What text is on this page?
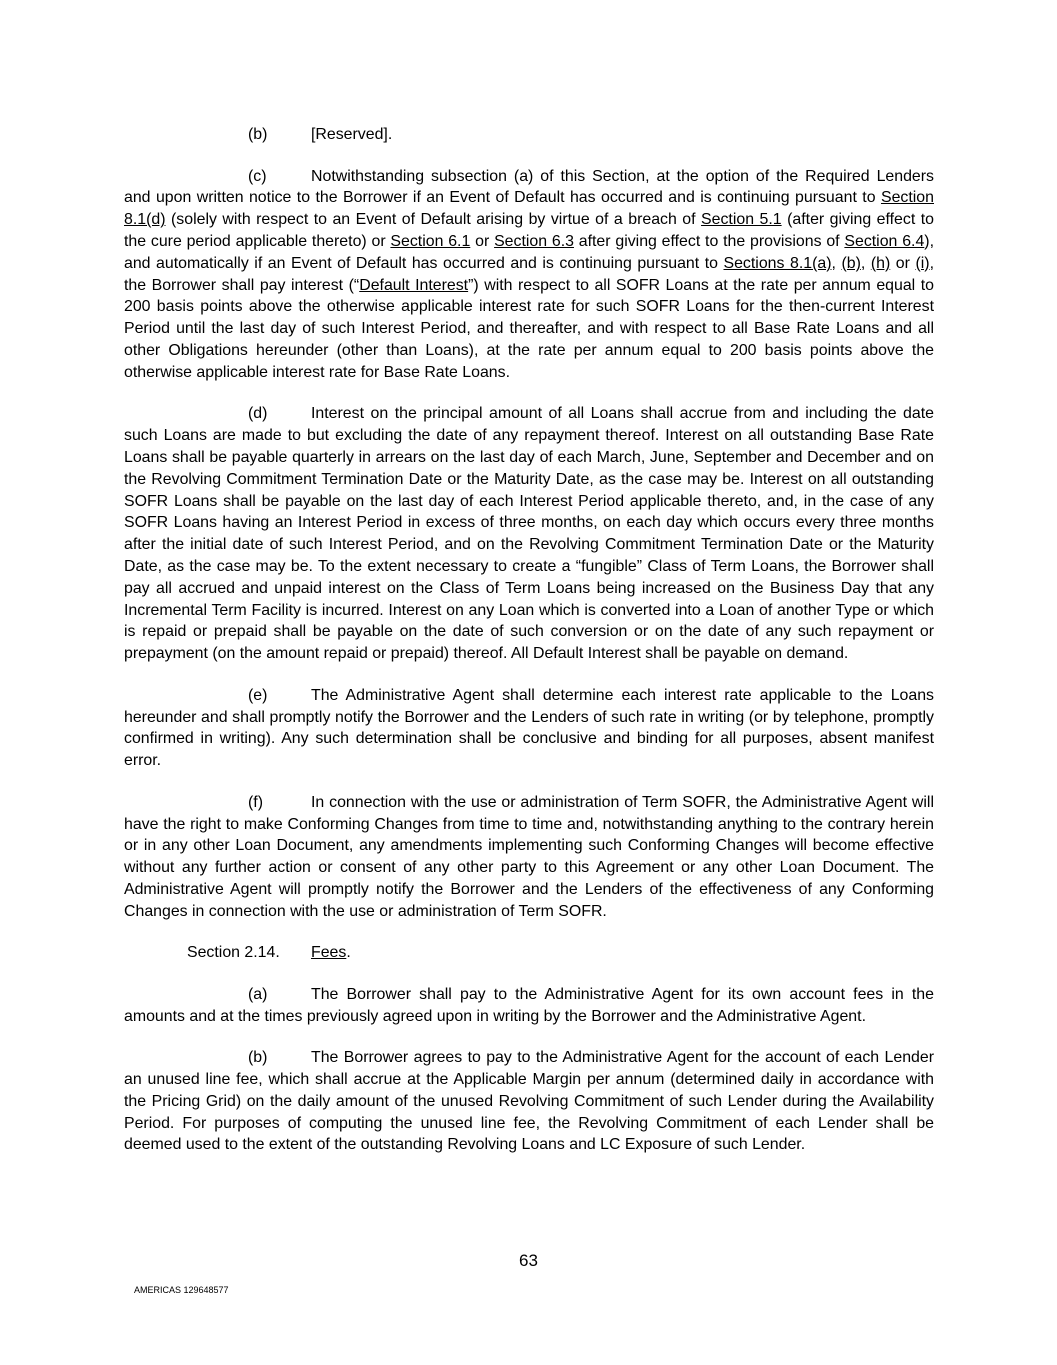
(b)	[Reserved].

(c)	Notwithstanding subsection (a) of this Section, at the option of the Required Lenders and upon written notice to the Borrower if an Event of Default has occurred and is continuing pursuant to Section 8.1(d) (solely with respect to an Event of Default arising by virtue of a breach of Section 5.1 (after giving effect to the cure period applicable thereto) or Section 6.1 or Section 6.3 after giving effect to the provisions of Section 6.4), and automatically if an Event of Default has occurred and is continuing pursuant to Sections 8.1(a), (b), (h) or (i), the Borrower shall pay interest (“Default Interest”) with respect to all SOFR Loans at the rate per annum equal to 200 basis points above the otherwise applicable interest rate for such SOFR Loans for the then-current Interest Period until the last day of such Interest Period, and thereafter, and with respect to all Base Rate Loans and all other Obligations hereunder (other than Loans), at the rate per annum equal to 200 basis points above the otherwise applicable interest rate for Base Rate Loans.

(d)	Interest on the principal amount of all Loans shall accrue from and including the date such Loans are made to but excluding the date of any repayment thereof. Interest on all outstanding Base Rate Loans shall be payable quarterly in arrears on the last day of each March, June, September and December and on the Revolving Commitment Termination Date or the Maturity Date, as the case may be. Interest on all outstanding SOFR Loans shall be payable on the last day of each Interest Period applicable thereto, and, in the case of any SOFR Loans having an Interest Period in excess of three months, on each day which occurs every three months after the initial date of such Interest Period, and on the Revolving Commitment Termination Date or the Maturity Date, as the case may be. To the extent necessary to create a “fungible” Class of Term Loans, the Borrower shall pay all accrued and unpaid interest on the Class of Term Loans being increased on the Business Day that any Incremental Term Facility is incurred. Interest on any Loan which is converted into a Loan of another Type or which is repaid or prepaid shall be payable on the date of such conversion or on the date of any such repayment or prepayment (on the amount repaid or prepaid) thereof. All Default Interest shall be payable on demand.

(e)	The Administrative Agent shall determine each interest rate applicable to the Loans hereunder and shall promptly notify the Borrower and the Lenders of such rate in writing (or by telephone, promptly confirmed in writing). Any such determination shall be conclusive and binding for all purposes, absent manifest error.

(f)	In connection with the use or administration of Term SOFR, the Administrative Agent will have the right to make Conforming Changes from time to time and, notwithstanding anything to the contrary herein or in any other Loan Document, any amendments implementing such Conforming Changes will become effective without any further action or consent of any other party to this Agreement or any other Loan Document. The Administrative Agent will promptly notify the Borrower and the Lenders of the effectiveness of any Conforming Changes in connection with the use or administration of Term SOFR.

Section 2.14. Fees.

(a)	The Borrower shall pay to the Administrative Agent for its own account fees in the amounts and at the times previously agreed upon in writing by the Borrower and the Administrative Agent.

(b)	The Borrower agrees to pay to the Administrative Agent for the account of each Lender an unused line fee, which shall accrue at the Applicable Margin per annum (determined daily in accordance with the Pricing Grid) on the daily amount of the unused Revolving Commitment of such Lender during the Availability Period. For purposes of computing the unused line fee, the Revolving Commitment of each Lender shall be deemed used to the extent of the outstanding Revolving Loans and LC Exposure of such Lender.

63
AMERICAS 129648577
